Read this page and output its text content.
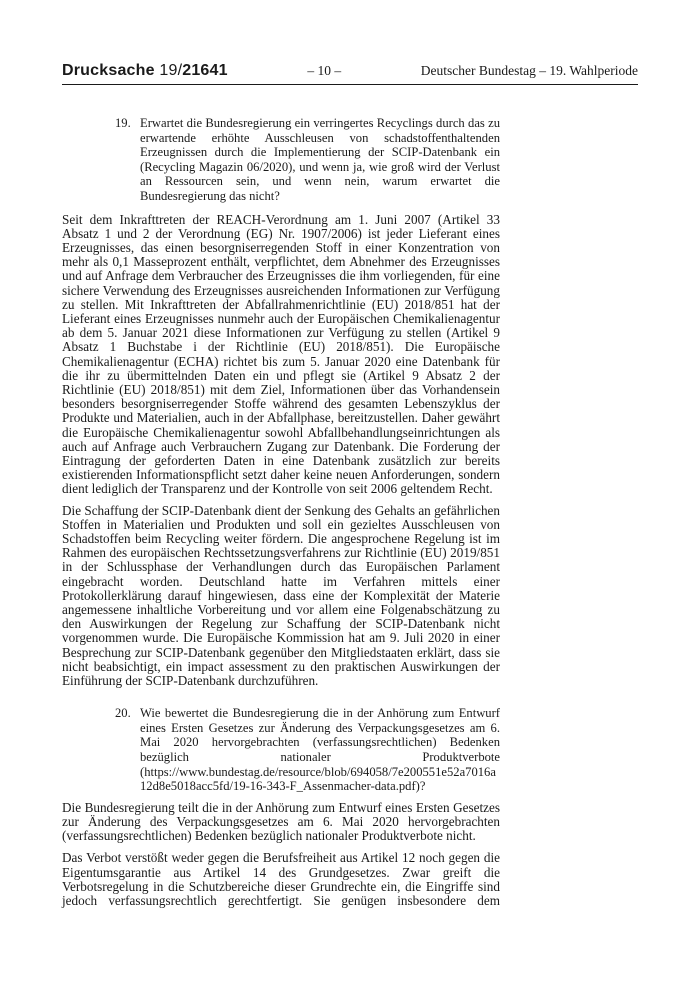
Drucksache 19/21641	– 10 –	Deutscher Bundestag – 19. Wahlperiode
19. Erwartet die Bundesregierung ein verringertes Recyclings durch das zu erwartende erhöhte Ausschleusen von schadstoffenthaltenden Erzeugnissen durch die Implementierung der SCIP-Datenbank ein (Recycling Magazin 06/2020), und wenn ja, wie groß wird der Verlust an Ressourcen sein, und wenn nein, warum erwartet die Bundesregierung das nicht?

Seit dem Inkrafttreten der REACH-Verordnung am 1. Juni 2007 (Artikel 33 Absatz 1 und 2 der Verordnung (EG) Nr. 1907/2006) ist jeder Lieferant eines Erzeugnisses, das einen besorgniserregenden Stoff in einer Konzentration von mehr als 0,1 Masseprozent enthält, verpflichtet, dem Abnehmer des Erzeugnisses und auf Anfrage dem Verbraucher des Erzeugnisses die ihm vorliegenden, für eine sichere Verwendung des Erzeugnisses ausreichenden Informationen zur Verfügung zu stellen. Mit Inkrafttreten der Abfallrahmenrichtlinie (EU) 2018/851 hat der Lieferant eines Erzeugnisses nunmehr auch der Europäischen Chemikalienagentur ab dem 5. Januar 2021 diese Informationen zur Verfügung zu stellen (Artikel 9 Absatz 1 Buchstabe i der Richtlinie (EU) 2018/851). Die Europäische Chemikalienagentur (ECHA) richtet bis zum 5. Januar 2020 eine Datenbank für die ihr zu übermittelnden Daten ein und pflegt sie (Artikel 9 Absatz 2 der Richtlinie (EU) 2018/851) mit dem Ziel, Informationen über das Vorhandensein besonders besorgniserregender Stoffe während des gesamten Lebenszyklus der Produkte und Materialien, auch in der Abfallphase, bereitzustellen. Daher gewährt die Europäische Chemikalienagentur sowohl Abfallbehandlungseinrichtungen als auch auf Anfrage auch Verbrauchern Zugang zur Datenbank. Die Forderung der Eintragung der geforderten Daten in eine Datenbank zusätzlich zur bereits existierenden Informationspflicht setzt daher keine neuen Anforderungen, sondern dient lediglich der Transparenz und der Kontrolle von seit 2006 geltendem Recht.

Die Schaffung der SCIP-Datenbank dient der Senkung des Gehalts an gefährlichen Stoffen in Materialien und Produkten und soll ein gezieltes Ausschleusen von Schadstoffen beim Recycling weiter fördern. Die angesprochene Regelung ist im Rahmen des europäischen Rechtssetzungsverfahrens zur Richtlinie (EU) 2019/851 in der Schlussphase der Verhandlungen durch das Europäischen Parlament eingebracht worden. Deutschland hatte im Verfahren mittels einer Protokollerklärung darauf hingewiesen, dass eine der Komplexität der Materie angemessene inhaltliche Vorbereitung und vor allem eine Folgenabschätzung zu den Auswirkungen der Regelung zur Schaffung der SCIP-Datenbank nicht vorgenommen wurde. Die Europäische Kommission hat am 9. Juli 2020 in einer Besprechung zur SCIP-Datenbank gegenüber den Mitgliedstaaten erklärt, dass sie nicht beabsichtigt, ein impact assessment zu den praktischen Auswirkungen der Einführung der SCIP-Datenbank durchzuführen.

20. Wie bewertet die Bundesregierung die in der Anhörung zum Entwurf eines Ersten Gesetzes zur Änderung des Verpackungsgesetzes am 6. Mai 2020 hervorgebrachten (verfassungsrechtlichen) Bedenken bezüglich nationaler Produktverbote (https://www.bundestag.de/resource/blob/694058/7e200551e52a7016a12d8e5018acc5fd/19-16-343-F_Assenmacher-data.pdf)?

Die Bundesregierung teilt die in der Anhörung zum Entwurf eines Ersten Gesetzes zur Änderung des Verpackungsgesetzes am 6. Mai 2020 hervorgebrachten (verfassungsrechtlichen) Bedenken bezüglich nationaler Produktverbote nicht.

Das Verbot verstößt weder gegen die Berufsfreiheit aus Artikel 12 noch gegen die Eigentumsgarantie aus Artikel 14 des Grundgesetzes. Zwar greift die Verbotsregelung in die Schutzbereiche dieser Grundrechte ein, die Eingriffe sind jedoch verfassungsrechtlich gerechtfertigt. Sie genügen insbesondere dem
